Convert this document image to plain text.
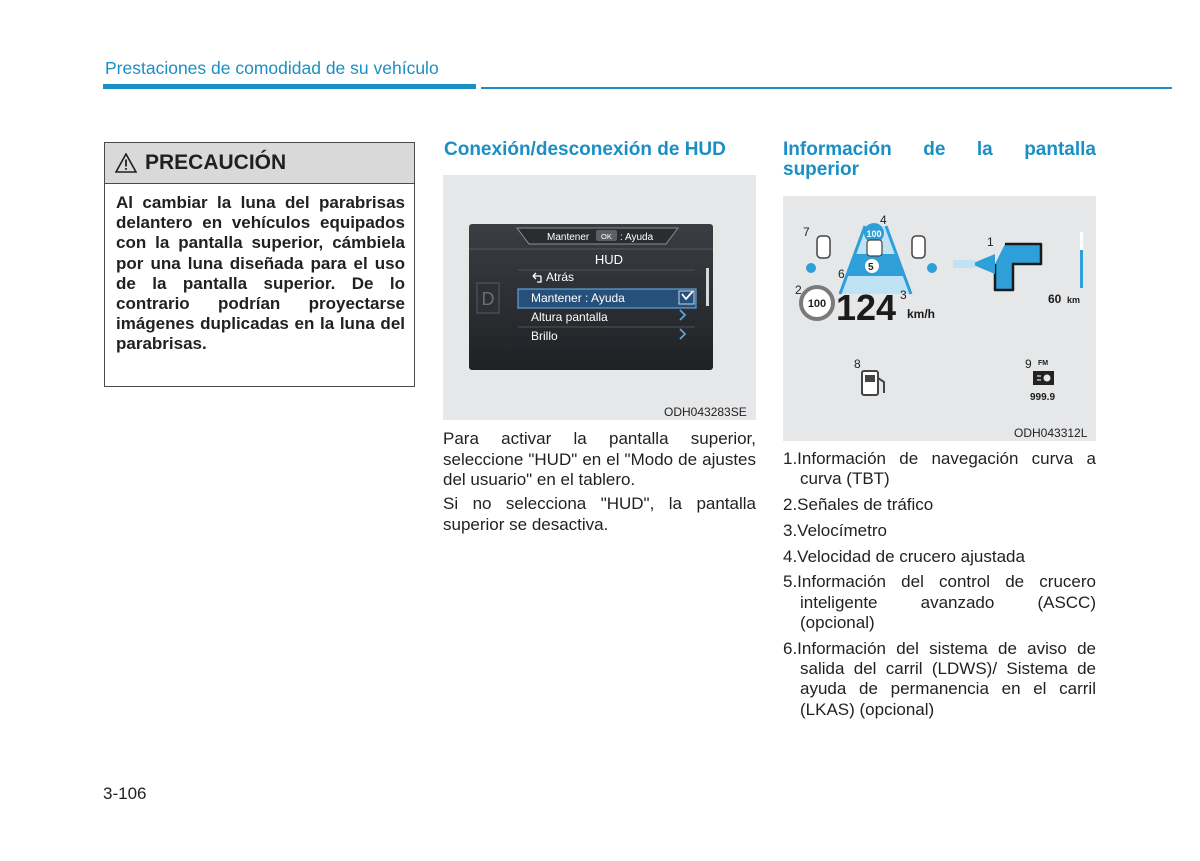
Prestaciones de comodidad de su vehículo
PRECAUCIÓN
Al cambiar la luna del parabrisas delantero en vehículos equipados con la pantalla superior, cámbiela por una luna diseñada para el uso de la pantalla superior. De lo contrario podrían proyectarse imágenes duplicadas en la luna del parabrisas.
Conexión/desconexión de HUD
Mantener OK : Ayuda
HUD
D
Atrás
Mantener : Ayuda
Altura pantalla
Brillo
ODH043283SE
Para activar la pantalla superior, seleccione "HUD" en el "Modo de ajustes del usuario" en el tablero.
Si no selecciona "HUD", la pantalla superior se desactiva.
Información de la pantalla
superior
7
4
6 5
2	3
1
8	9
100
100 124 km/h
60 km
FM
999.9
ODH043312L
1.Información de navegación curva a curva (TBT)
2.Señales de tráfico
3.Velocímetro
4.Velocidad de crucero ajustada
5.Información del control de crucero inteligente avanzado (ASCC) (opcional)
6.Información del sistema de aviso de salida del carril (LDWS)/ Sistema de ayuda de permanencia en el carril (LKAS) (opcional)
3-106
